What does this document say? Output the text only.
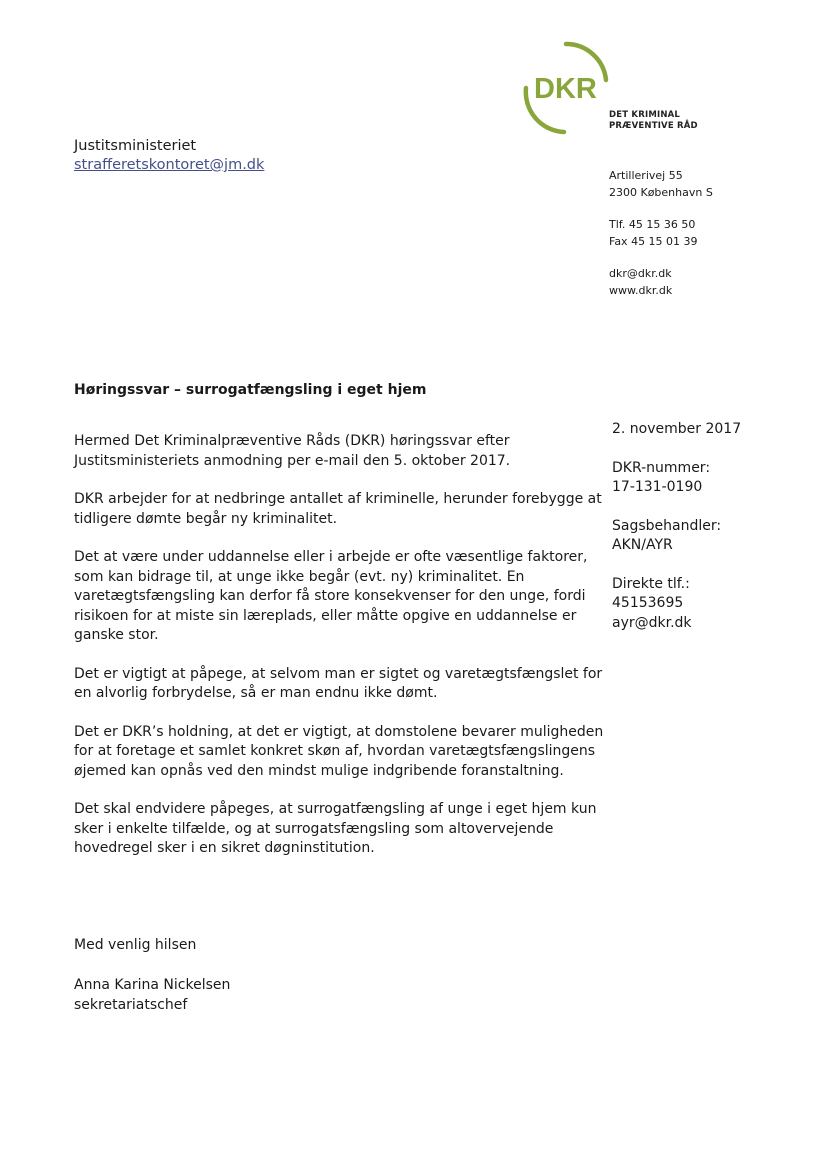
DKR
DET KRIMINAL
PRÆVENTIVE RÅD
Justitsministeriet
strafferetskontoret@jm.dk

Artillerivej 55
2300 København S

Tlf. 45 15 36 50
Fax 45 15 01 39

dkr@dkr.dk
www.dkr.dk

Høringssvar – surrogatfængsling i eget hjem

Hermed Det Kriminalpræventive Råds (DKR) høringssvar efter Justitsministeriets anmodning per e-mail den 5. oktober 2017.

DKR arbejder for at nedbringe antallet af kriminelle, herunder forebygge at tidligere dømte begår ny kriminalitet.

Det at være under uddannelse eller i arbejde er ofte væsentlige faktorer, som kan bidrage til, at unge ikke begår (evt. ny) kriminalitet. En varetægtsfængsling kan derfor få store konsekvenser for den unge, fordi risikoen for at miste sin læreplads, eller måtte opgive en uddannelse er ganske stor.

Det er vigtigt at påpege, at selvom man er sigtet og varetægtsfængslet for en alvorlig forbrydelse, så er man endnu ikke dømt.

Det er DKR’s holdning, at det er vigtigt, at domstolene bevarer muligheden for at foretage et samlet konkret skøn af, hvordan varetægtsfængslingens øjemed kan opnås ved den mindst mulige indgribende foranstaltning.

Det skal endvidere påpeges, at surrogatfængsling af unge i eget hjem kun sker i enkelte tilfælde, og at surrogatsfængsling som altovervejende hovedregel sker i en sikret døgninstitution.

2. november 2017
DKR-nummer:
17-131-0190
Sagsbehandler:
AKN/AYR
Direkte tlf.:
45153695
ayr@dkr.dk
Med venlig hilsen
Anna Karina Nickelsen
sekretariatschef
